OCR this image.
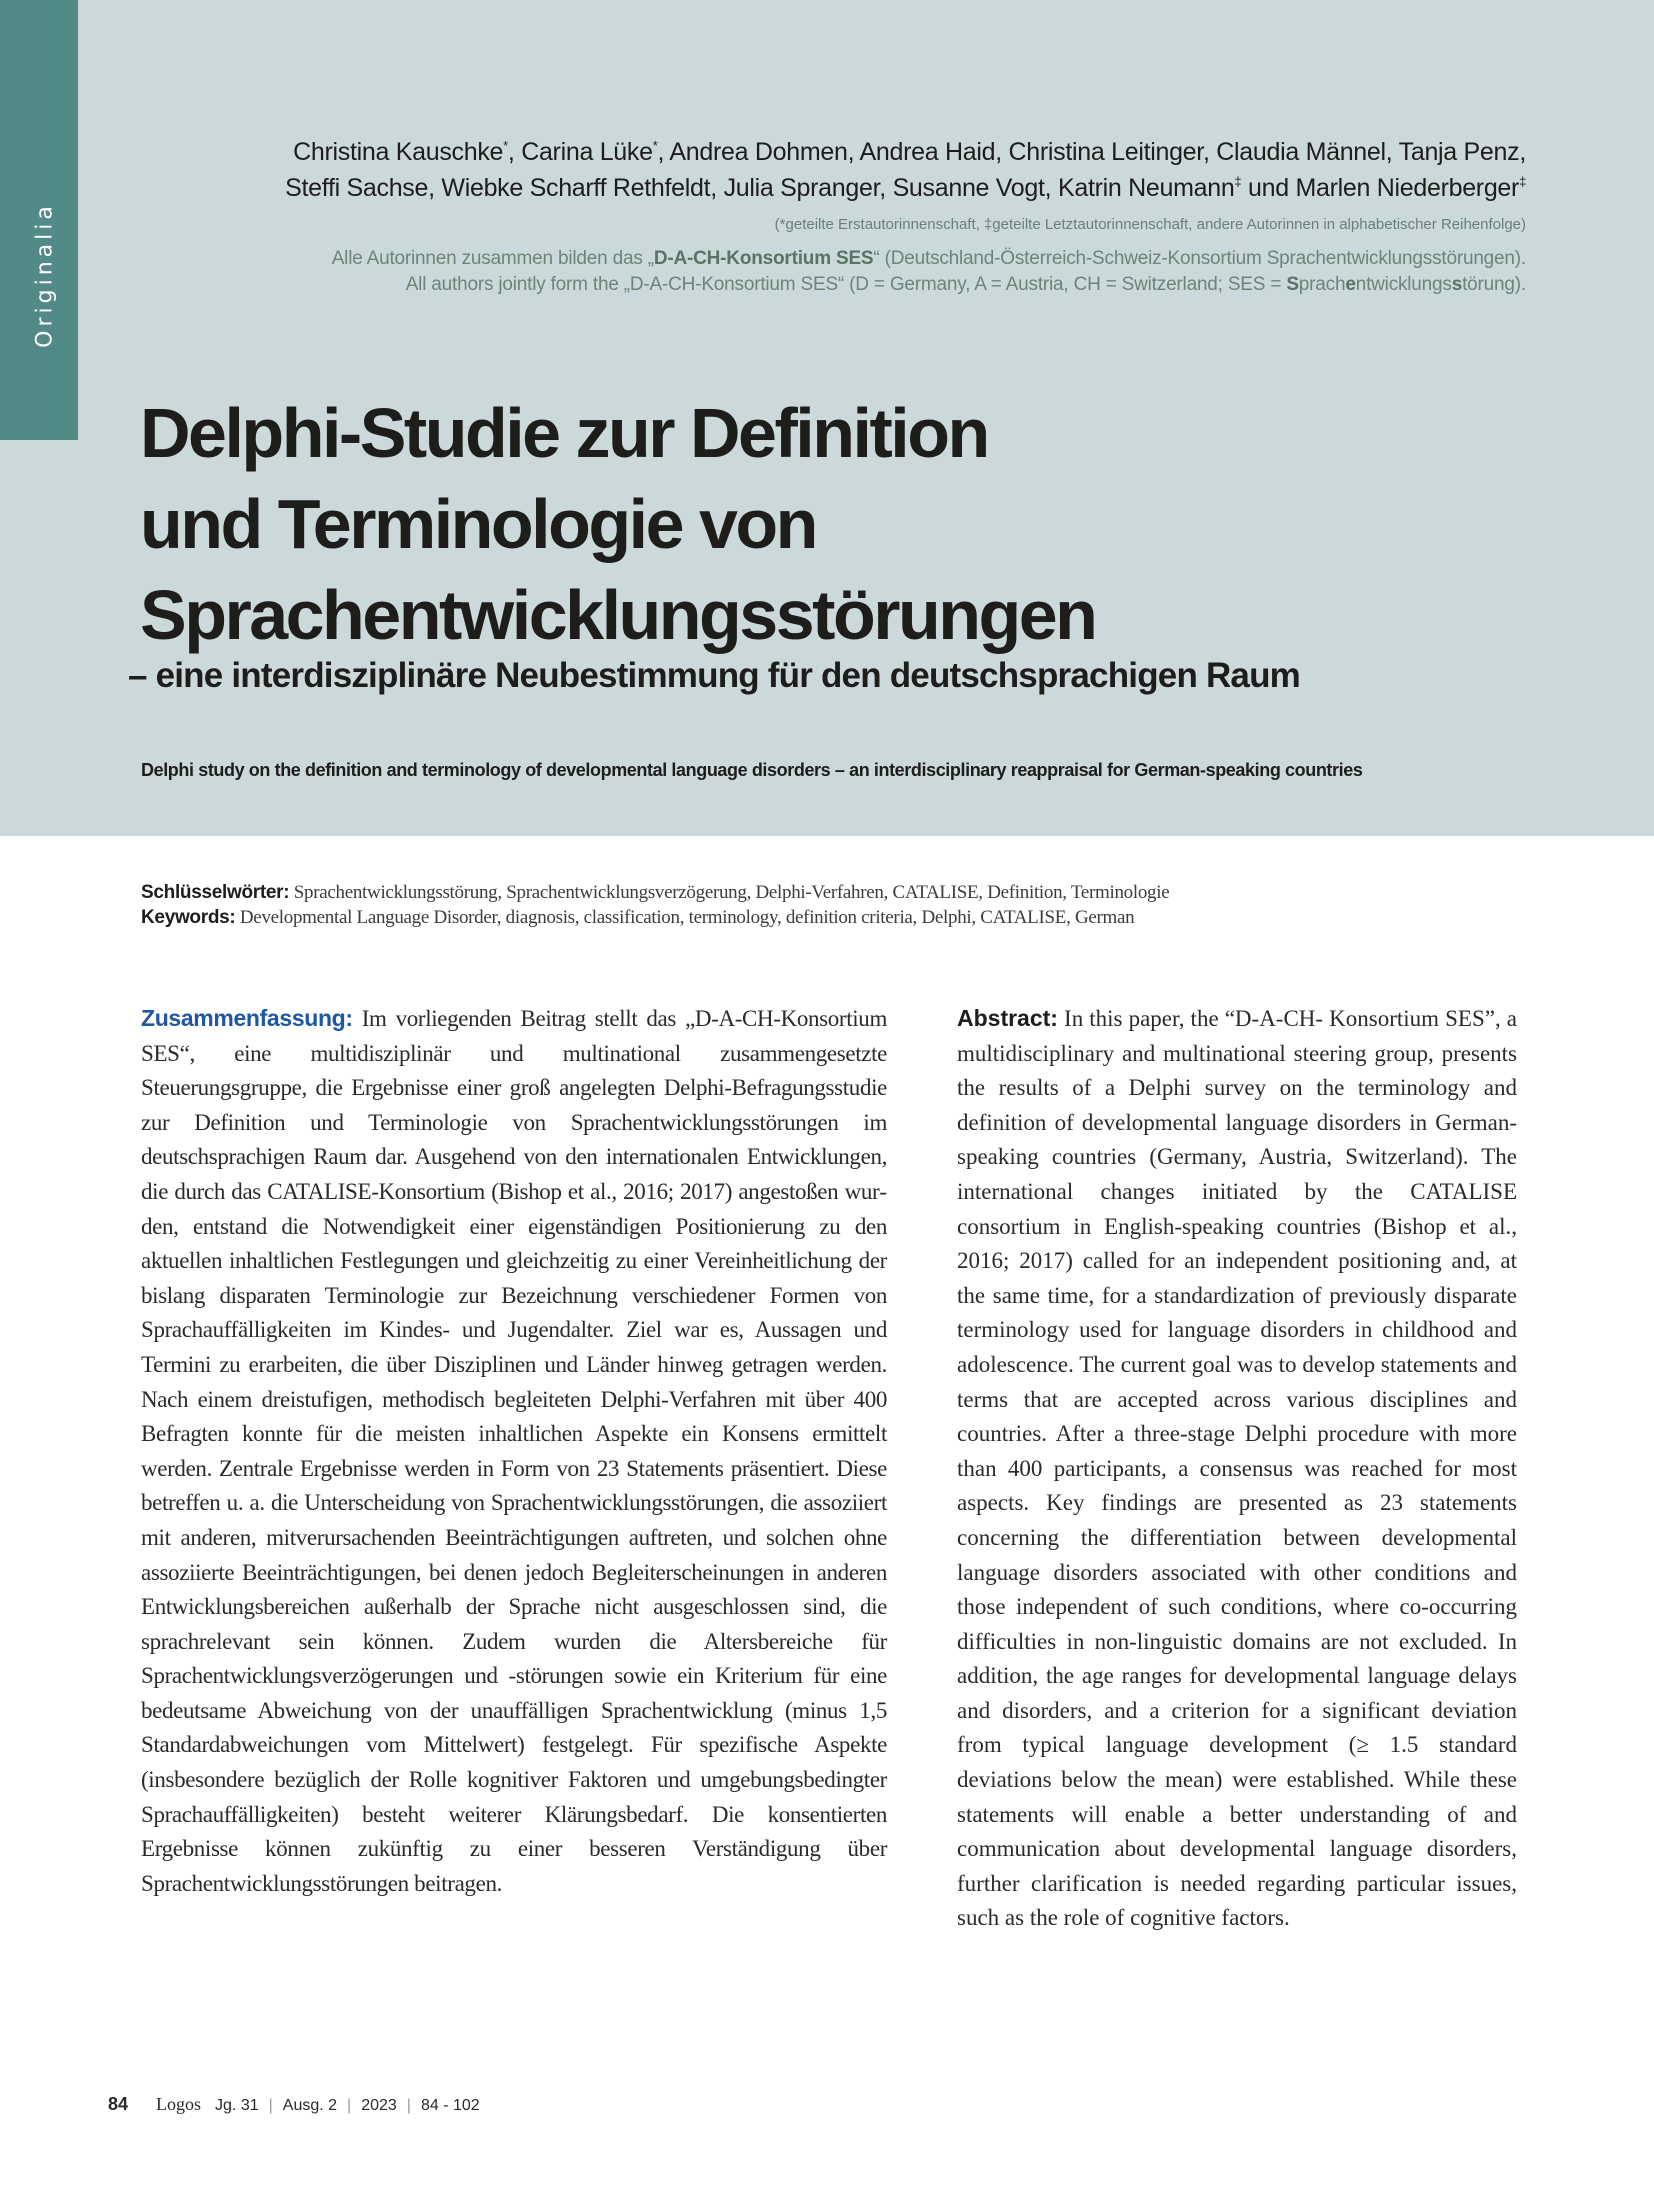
Originalia
Christina Kauschke*, Carina Lüke*, Andrea Dohmen, Andrea Haid, Christina Leitinger, Claudia Männel, Tanja Penz,
Steffi Sachse, Wiebke Scharff Rethfeldt, Julia Spranger, Susanne Vogt, Katrin Neumann‡ und Marlen Niederberger‡
(*geteilte Erstautorinnenschaft, ‡geteilte Letztautorinnenschaft, andere Autorinnen in alphabetischer Reihenfolge)
Alle Autorinnen zusammen bilden das „D-A-CH-Konsortium SES“ (Deutschland-Österreich-Schweiz-Konsortium Sprachentwicklungsstörungen).
All authors jointly form the „D-A-CH-Konsortium SES“ (D = Germany, A = Austria, CH = Switzerland; SES = Sprachentwicklungsstörung).
Delphi-Studie zur Definition
und Terminologie von
Sprachentwicklungsstörungen
– eine interdisziplinäre Neubestimmung für den deutschsprachigen Raum

Delphi study on the definition and terminology of developmental language disorders – an interdisciplinary reappraisal for German-speaking countries

Schlüsselwörter: Sprachentwicklungsstörung, Sprachentwicklungsverzögerung, Delphi-Verfahren, CATALISE, Definition, Terminologie
Keywords: Developmental Language Disorder, diagnosis, classification, terminology, definition criteria, Delphi, CATALISE, German
Zusammenfassung: Im vorliegenden Beitrag stellt das „D-A-CH-Konsortium SES“, eine multidisziplinär und multinational zusammengesetzte Steuerungsgruppe, die Ergebnisse einer groß angelegten Delphi-Befragungsstudie zur Definition und Terminologie von Sprachentwicklungsstörungen im deutschsprachigen Raum dar. Ausgehend von den internationalen Entwicklungen, die durch das CATALISE-Konsortium (Bishop et al., 2016; 2017) angestoßen wurden, entstand die Notwendigkeit einer eigenständigen Positionierung zu den aktuellen inhaltlichen Festlegungen und gleichzeitig zu einer Vereinheitlichung der bislang disparaten Terminologie zur Bezeichnung verschiedener Formen von Sprachauffälligkeiten im Kindes- und Jugendalter. Ziel war es, Aussagen und Termini zu erarbeiten, die über Disziplinen und Länder hinweg getragen werden. Nach einem dreistufigen, methodisch begleiteten Delphi-Verfahren mit über 400 Befragten konnte für die meisten inhaltlichen Aspekte ein Konsens ermittelt werden. Zentrale Ergebnisse werden in Form von 23 Statements präsentiert. Diese betreffen u. a. die Unterscheidung von Sprachentwicklungsstörungen, die assoziiert mit anderen, mitverursachenden Beeinträchtigungen auftreten, und solchen ohne assoziierte Beeinträchtigungen, bei denen jedoch Begleiterscheinungen in anderen Entwicklungsbereichen außerhalb der Sprache nicht ausgeschlossen sind, die sprachrelevant sein können. Zudem wurden die Altersbereiche für Sprachentwicklungsverzögerungen und -störungen sowie ein Kriterium für eine bedeutsame Abweichung von der unauffälligen Sprachentwicklung (minus 1,5 Standardabweichungen vom Mittelwert) festgelegt. Für spezifische Aspekte (insbesondere bezüglich der Rolle kognitiver Faktoren und umgebungsbedingter Sprachauffälligkeiten) besteht weiterer Klärungsbedarf. Die konsentierten Ergebnisse können zukünftig zu einer besseren Verständigung über Sprachentwicklungsstörungen beitragen.
Abstract: In this paper, the “D-A-CH- Konsortium SES”, a multidisciplinary and multinational steering group, presents the results of a Delphi survey on the terminology and definition of developmental language disorders in German-speaking countries (Germany, Austria, Switzerland). The international changes initiated by the CATALISE consortium in English-speaking countries (Bishop et al., 2016; 2017) called for an independent positioning and, at the same time, for a standardization of previously disparate terminology used for language disorders in childhood and adolescence. The current goal was to develop statements and terms that are accepted across various disciplines and countries. After a three-stage Delphi procedure with more than 400 participants, a consensus was reached for most aspects. Key findings are presented as 23 statements concerning the differentiation between developmental language disorders associated with other conditions and those independent of such conditions, where co-occurring difficulties in non-linguistic domains are not excluded. In addition, the age ranges for developmental language delays and disorders, and a criterion for a significant deviation from typical language development (≥ 1.5 standard deviations below the mean) were established. While these statements will enable a better understanding of and communication about developmental language disorders, further clarification is needed regarding particular issues, such as the role of cognitive factors.
84 Logos Jg. 31 | Ausg. 2 | 2023 | 84 - 102
